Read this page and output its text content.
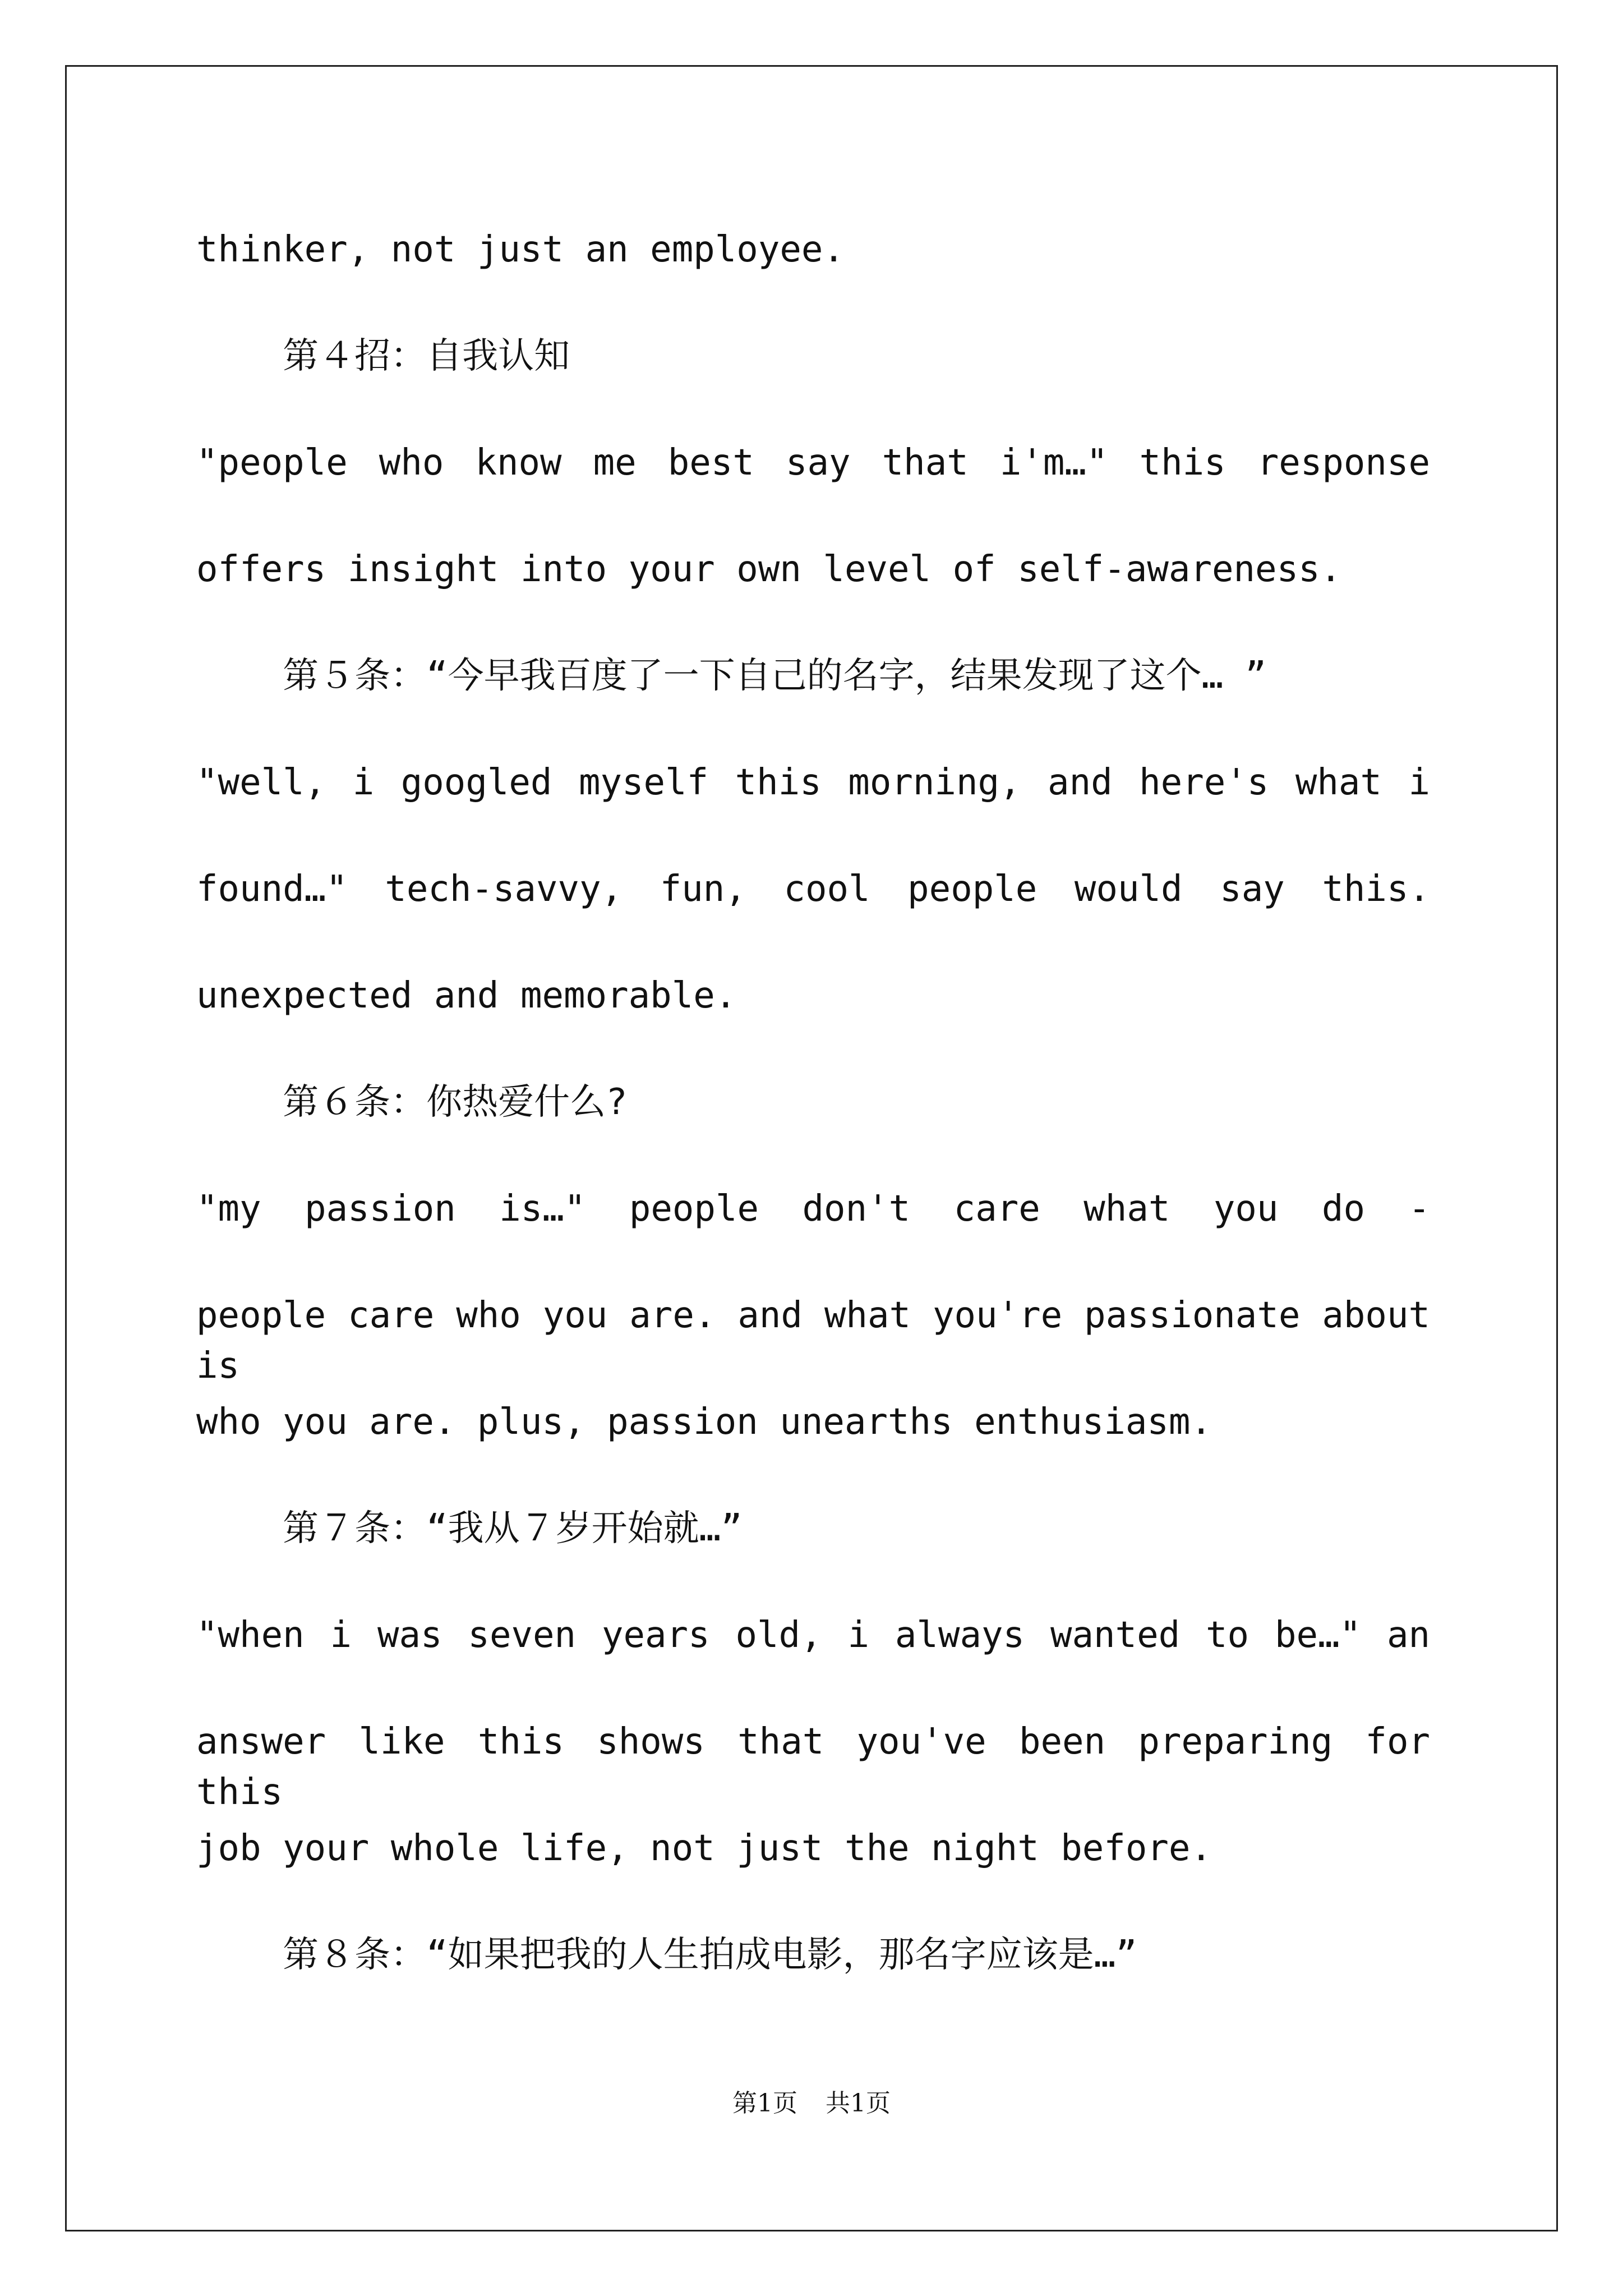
thinker, not just an employee.
第４招：自我认知
"people who know me best say that i'm…" this response
offers insight into your own level of self-awareness.
第５条：“今早我百度了一下自己的名字，结果发现了这个… ”
"well, i googled myself this morning, and here's what i
found…" tech-savvy, fun, cool people would say this.
unexpected and memorable.
第６条：你热爱什么?
"my passion is…" people don't care what you do -
people care who you are. and what you're passionate about is
who you are. plus, passion unearths enthusiasm.
第７条：“我从７岁开始就…”
"when i was seven years old, i always wanted to be…" an
answer like this shows that you've been preparing for this
job your whole life, not just the night before.
第８条：“如果把我的人生拍成电影，那名字应该是…”
第1页 共1页
